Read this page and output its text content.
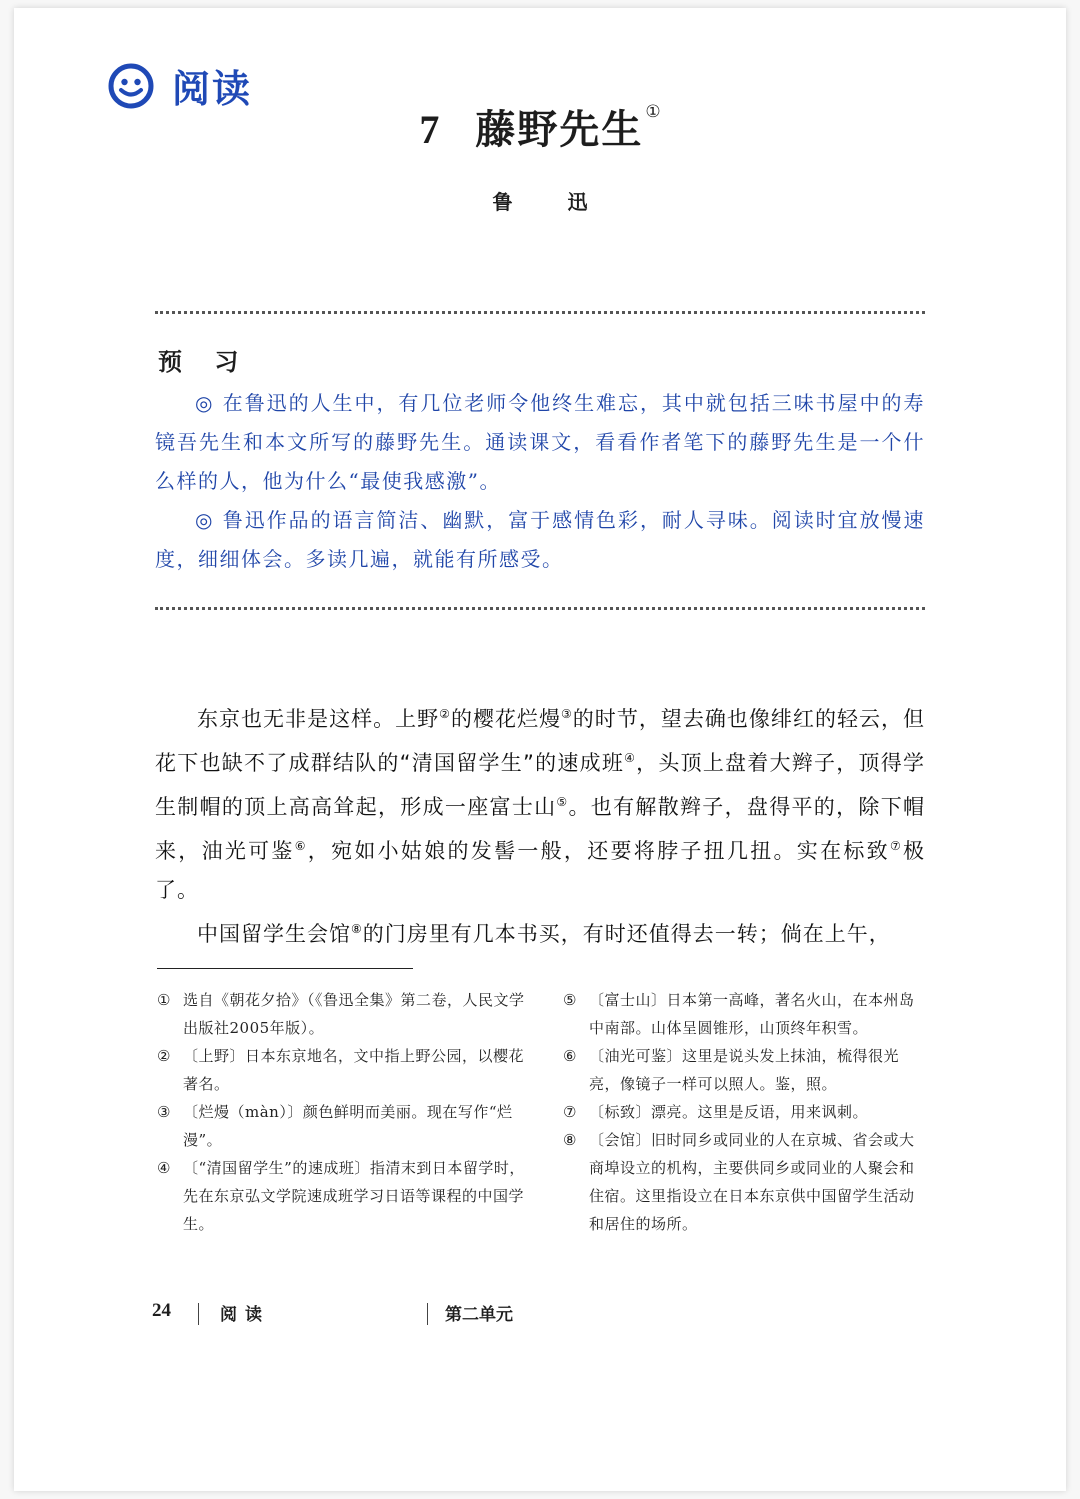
阅读
7 藤野先生 ①
鲁 迅
预 习

◎ 在鲁迅的人生中，有几位老师令他终生难忘，其中就包括三味书屋中的寿镜吾先生和本文所写的藤野先生。通读课文，看看作者笔下的藤野先生是一个什么样的人，他为什么“最使我感激”。

◎ 鲁迅作品的语言简洁、幽默，富于感情色彩，耐人寻味。阅读时宜放慢速度，细细体会。多读几遍，就能有所感受。

东京也无非是这样。上野②的樱花烂熳③的时节，望去确也像绯红的轻云，但花下也缺不了成群结队的“清国留学生”的速成班④，头顶上盘着大辫子，顶得学生制帽的顶上高高耸起，形成一座富士山⑤。也有解散辫子，盘得平的，除下帽来，油光可鉴⑥，宛如小姑娘的发髻一般，还要将脖子扭几扭。实在标致⑦极了。

中国留学生会馆⑧的门房里有几本书买，有时还值得去一转；倘在上午，

① 选自《朝花夕拾》（《鲁迅全集》第二卷，人民文学出版社2005年版）。

② 〔上野〕日本东京地名，文中指上野公园，以樱花著名。

③ 〔烂熳（màn）〕颜色鲜明而美丽。现在写作“烂漫”。

④ 〔“清国留学生”的速成班〕指清末到日本留学时，先在东京弘文学院速成班学习日语等课程的中国学生。

⑤ 〔富士山〕日本第一高峰，著名火山，在本州岛中南部。山体呈圆锥形，山顶终年积雪。

⑥ 〔油光可鉴〕这里是说头发上抹油，梳得很光亮，像镜子一样可以照人。鉴，照。

⑦ 〔标致〕漂亮。这里是反语，用来讽刺。

⑧ 〔会馆〕旧时同乡或同业的人在京城、省会或大商埠设立的机构，主要供同乡或同业的人聚会和住宿。这里指设立在日本东京供中国留学生活动和居住的场所。

24	阅读	第二单元
